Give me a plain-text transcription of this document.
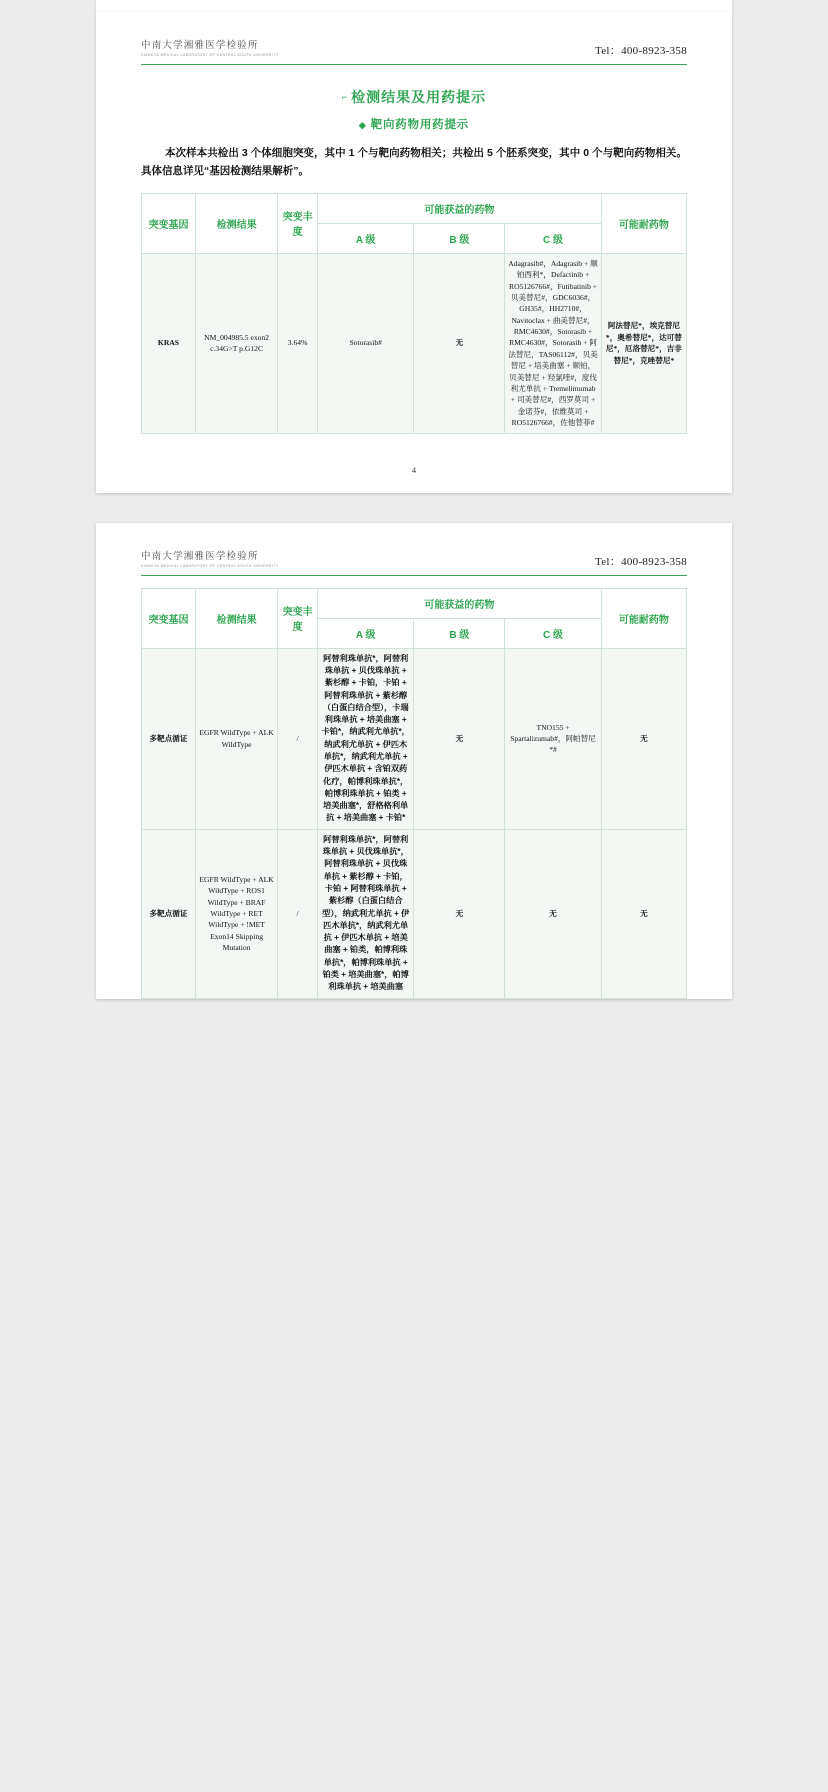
中南大学湘雅医学检验所
XIANGYA MEDICAL LABORATORY OF CENTRAL SOUTH UNIVERSITY	Tel：400-8923-358
⌐ 检测结果及用药提示
◆ 靶向药物用药提示
本次样本共检出 3 个体细胞突变，其中 1 个与靶向药物相关；共检出 5 个胚系突变，其中 0 个与靶向药物相关。具体信息详见“基因检测结果解析”。
突变基因	检测结果	突变丰度	可能获益的药物			可能耐药物
			A 级	B 级	C 级	
KRAS	NM_004985.5 exon2 c.34G>T p.G12C	3.64%	Sotorasib#	无	Adagrasib#，Adagrasib + 顺铂西利*，Defactinib + RO5126766#，Futibatinib + 贝美替尼#，GDC6036#，GH35#，HH2710#，Navitoclax + 曲美替尼#，RMC4630#，Sotorasib + RMC4630#，Sotorasib + 阿法替尼，TAS06112#，贝美替尼 + 培美曲塞 + 顺铂，贝美替尼 + 羟氯喹#，度伐利尤单抗 + Tremelimumab + 司美替尼#，西罗莫司 + 金诺芬#，依维莫司 + RO5126766#，佐他替菲#	阿法替尼*，埃克替尼*，奥希替尼*，达可替尼*，厄洛替尼*，吉非替尼*，克唑替尼*
4
中南大学湘雅医学检验所
XIANGYA MEDICAL LABORATORY OF CENTRAL SOUTH UNIVERSITY	Tel：400-8923-358
突变基因	检测结果	突变丰度	可能获益的药物			可能耐药物
			A 级	B 级	C 级	
多靶点循证	EGFR WildType + ALK WildType	/	阿替利珠单抗*，阿替利珠单抗 + 贝伐珠单抗 + 紫杉醇 + 卡铂，卡铂 + 阿替利珠单抗 + 紫杉醇（白蛋白结合型），卡瑞利珠单抗 + 培美曲塞 + 卡铂*，纳武利尤单抗*，纳武利尤单抗 + 伊匹木单抗*，纳武利尤单抗 + 伊匹木单抗 + 含铂双药化疗，帕博利珠单抗*，帕博利珠单抗 + 铂类 + 培美曲塞*，舒格格利单抗 + 培美曲塞 + 卡铂*	无	TNO155 + Spartalizumab#，阿帕替尼*#	无
多靶点循证	EGFR WildType + ALK WildType + ROS1 WildType + BRAF WildType + RET WildType + !MET Exon14 Skipping Mutation	/	阿替利珠单抗*，阿替利珠单抗 + 贝伐珠单抗*，阿替利珠单抗 + 贝伐珠单抗 + 紫杉醇 + 卡铂，卡铂 + 阿替利珠单抗 + 紫杉醇（白蛋白结合型），纳武利尤单抗 + 伊匹木单抗*，纳武利尤单抗 + 伊匹木单抗 + 培美曲塞 + 铂类，帕博利珠单抗*，帕博利珠单抗 + 铂类 + 培美曲塞*，帕博利珠单抗 + 培美曲塞	无	无	无
